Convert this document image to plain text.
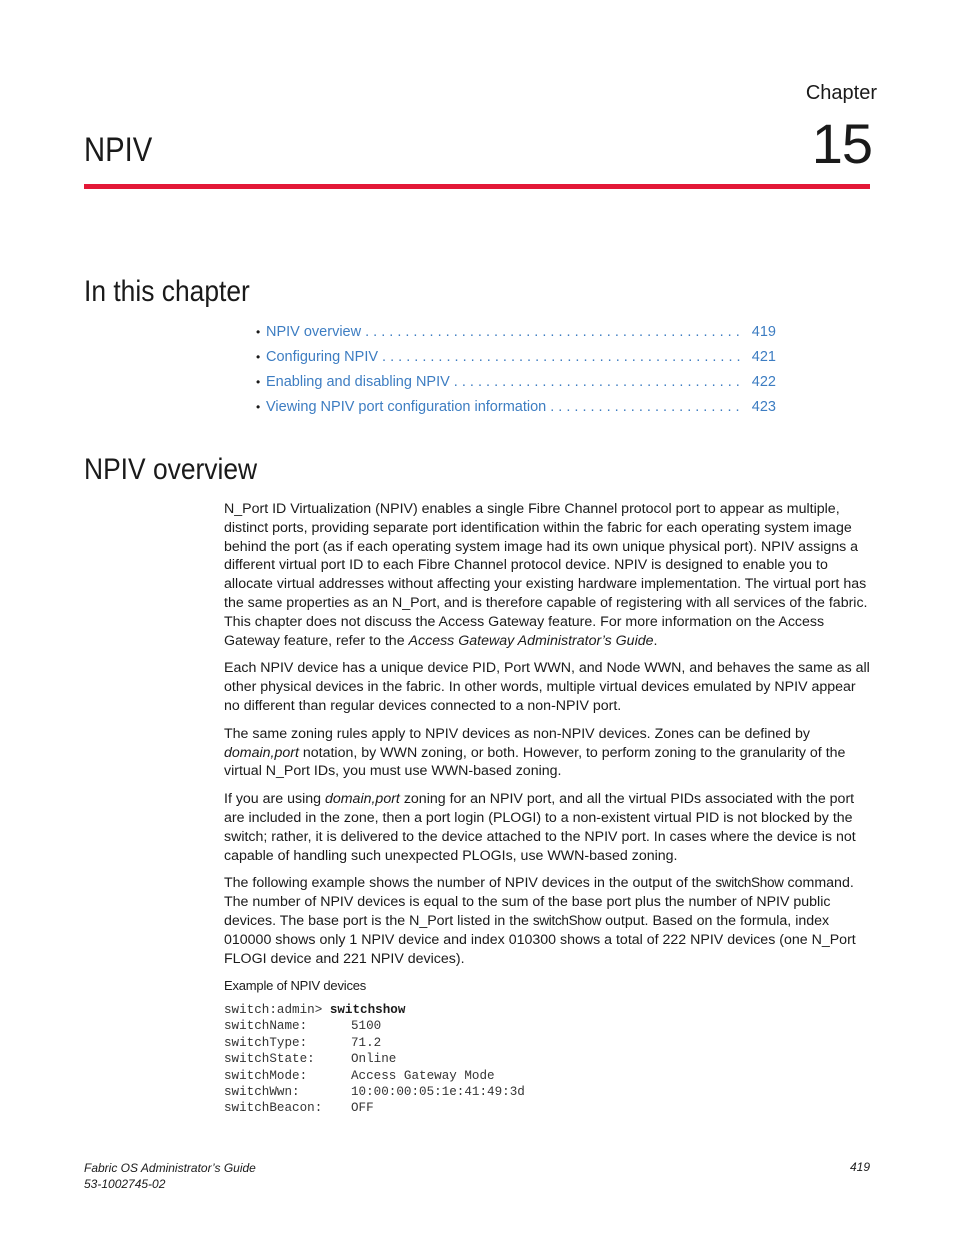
Chapter
15
NPIV
In this chapter
• NPIV overview . . .	419
• Configuring NPIV . . .	421
• Enabling and disabling NPIV . . .	422
• Viewing NPIV port configuration information . . .	423
NPIV overview

N_Port ID Virtualization (NPIV) enables a single Fibre Channel protocol port to appear as multiple, distinct ports, providing separate port identification within the fabric for each operating system image behind the port (as if each operating system image had its own unique physical port). NPIV assigns a different virtual port ID to each Fibre Channel protocol device. NPIV is designed to enable you to allocate virtual addresses without affecting your existing hardware implementation. The virtual port has the same properties as an N_Port, and is therefore capable of registering with all services of the fabric. This chapter does not discuss the Access Gateway feature. For more information on the Access Gateway feature, refer to the Access Gateway Administrator’s Guide.

Each NPIV device has a unique device PID, Port WWN, and Node WWN, and behaves the same as all other physical devices in the fabric. In other words, multiple virtual devices emulated by NPIV appear no different than regular devices connected to a non-NPIV port.

The same zoning rules apply to NPIV devices as non-NPIV devices. Zones can be defined by domain,port notation, by WWN zoning, or both. However, to perform zoning to the granularity of the virtual N_Port IDs, you must use WWN-based zoning.

If you are using domain,port zoning for an NPIV port, and all the virtual PIDs associated with the port are included in the zone, then a port login (PLOGI) to a non-existent virtual PID is not blocked by the switch; rather, it is delivered to the device attached to the NPIV port. In cases where the device is not capable of handling such unexpected PLOGIs, use WWN-based zoning.

The following example shows the number of NPIV devices in the output of the switchShow command. The number of NPIV devices is equal to the sum of the base port plus the number of NPIV public devices. The base port is the N_Port listed in the switchShow output. Based on the formula, index 010000 shows only 1 NPIV device and index 010300 shows a total of 222 NPIV devices (one N_Port FLOGI device and 221 NPIV devices).

Example of NPIV devices
switch:admin> switchshow
switchName:	5100
switchType:	71.2
switchState:	Online
switchMode:	Access Gateway Mode
switchWwn:	10:00:00:05:1e:41:49:3d
switchBeacon:	OFF
Fabric OS Administrator’s Guide
53-1002745-02
419
